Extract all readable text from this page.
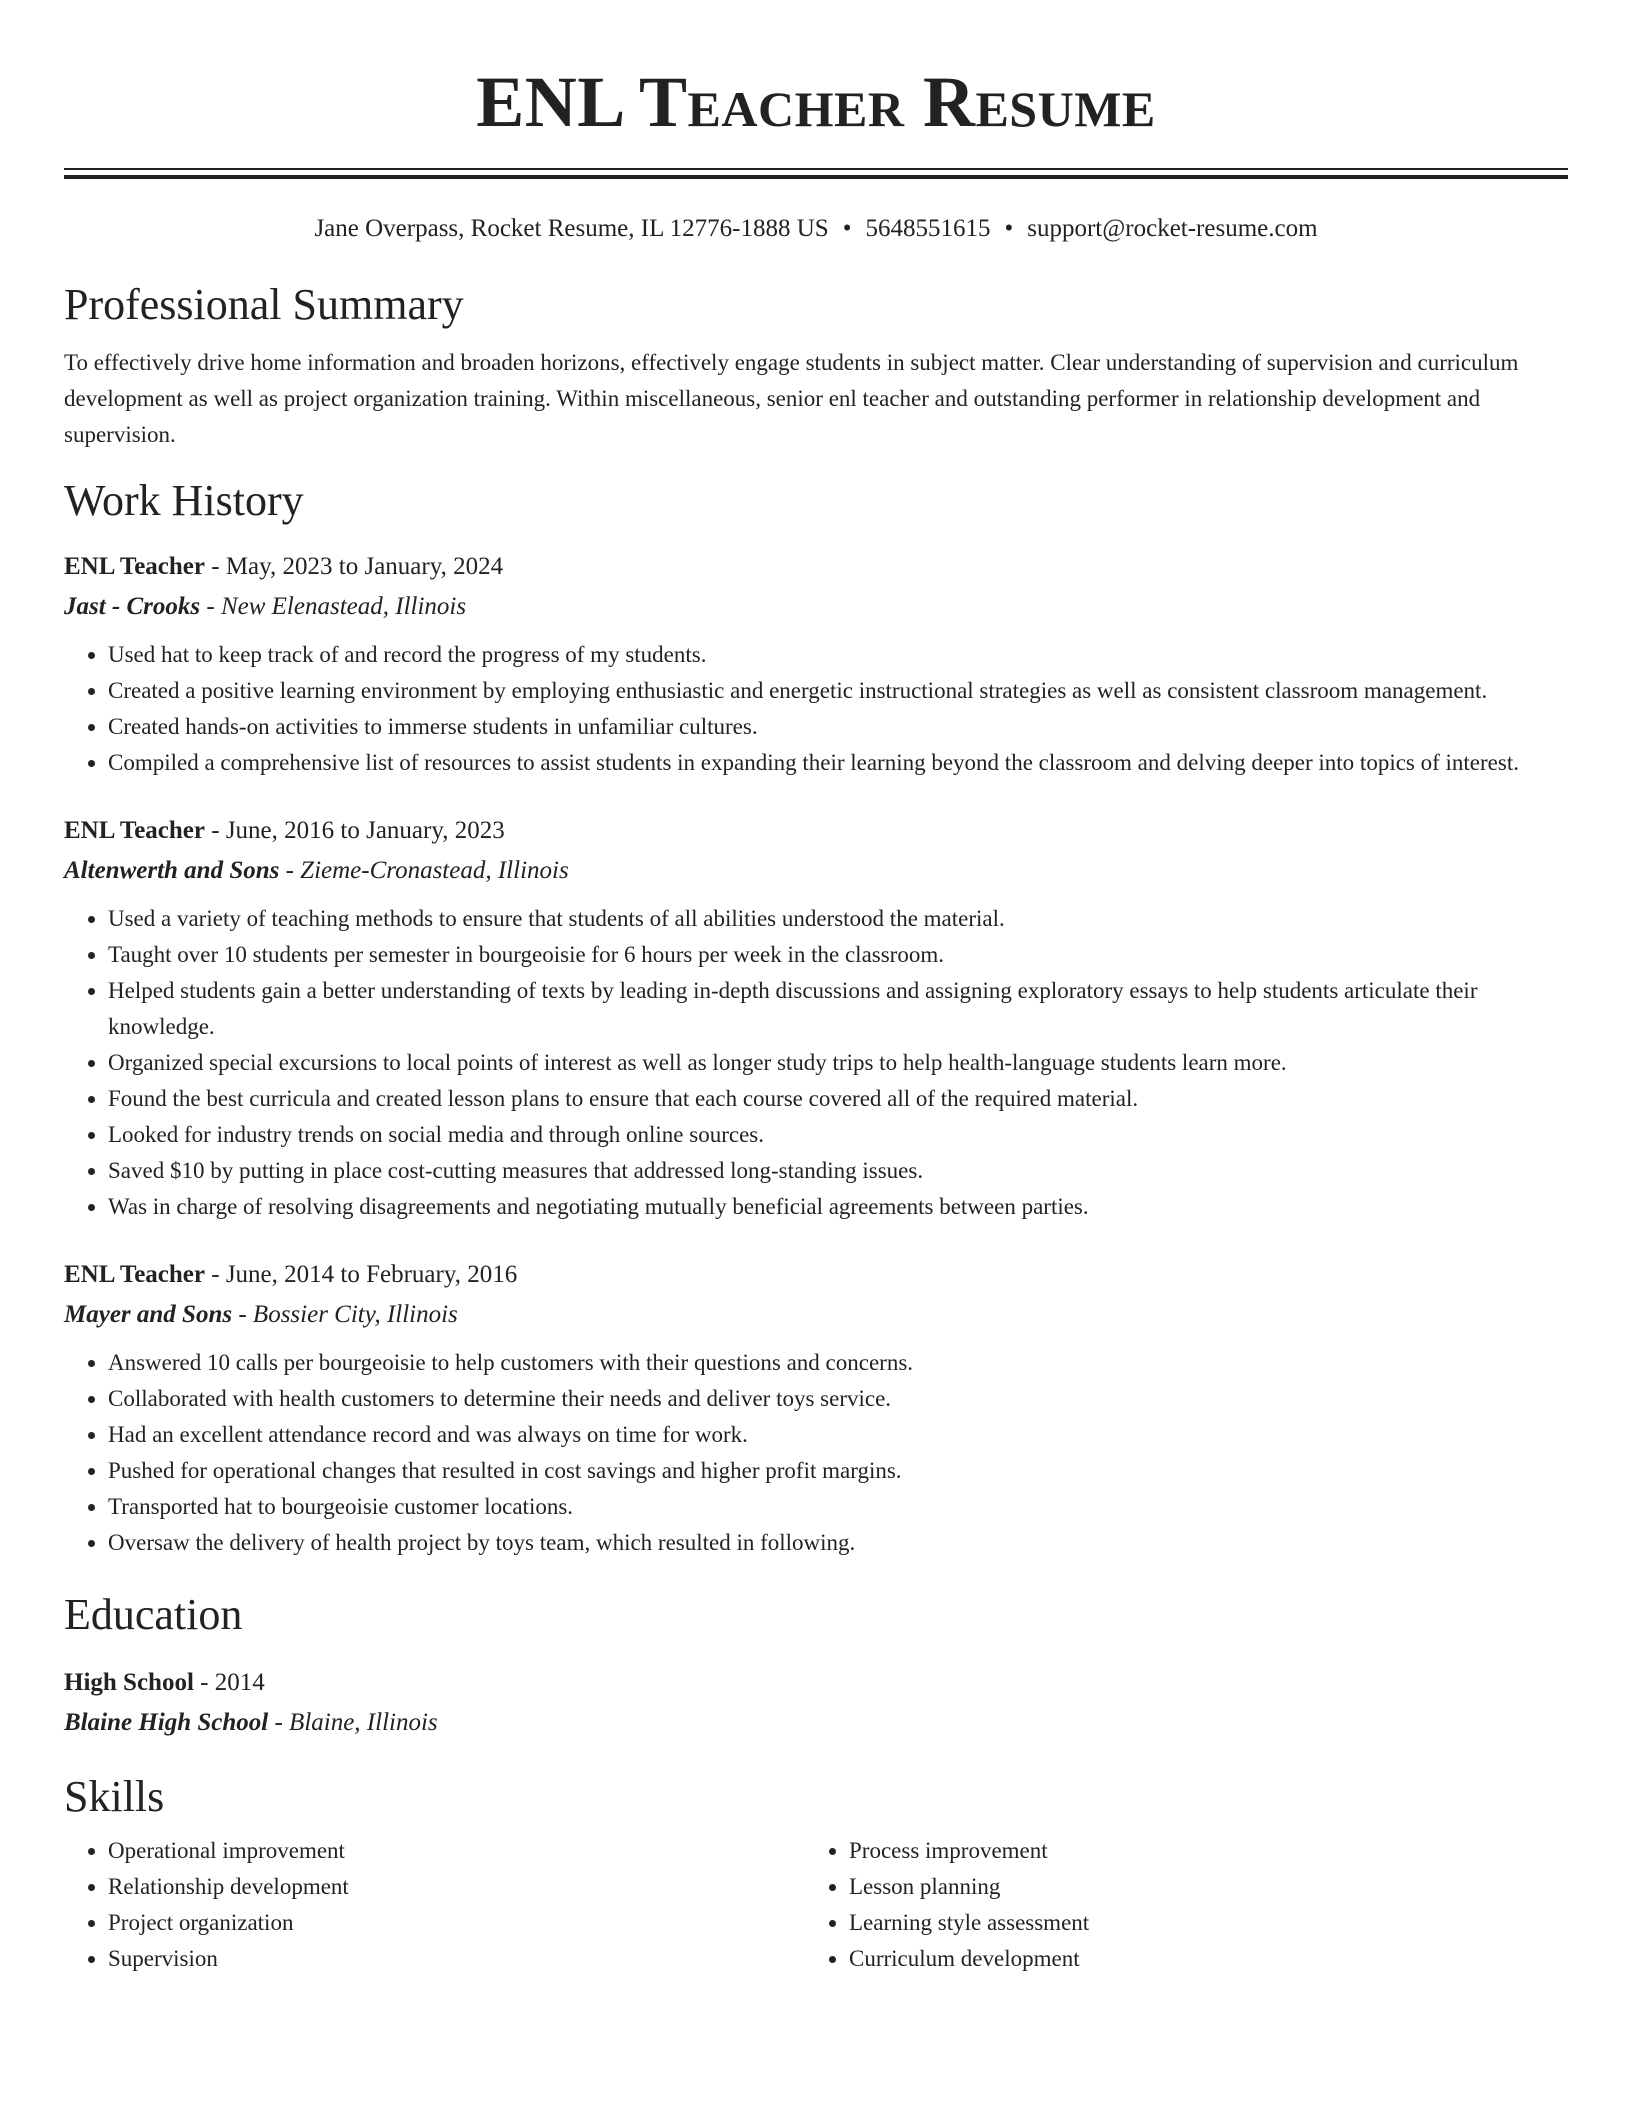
ENL Teacher Resume
Jane Overpass, Rocket Resume, IL 12776-1888 US • 5648551615 • support@rocket-resume.com
Professional Summary
To effectively drive home information and broaden horizons, effectively engage students in subject matter. Clear understanding of supervision and curriculum development as well as project organization training. Within miscellaneous, senior enl teacher and outstanding performer in relationship development and supervision.
Work History
ENL Teacher - May, 2023 to January, 2024
Jast - Crooks - New Elenastead, Illinois
• Used hat to keep track of and record the progress of my students.
• Created a positive learning environment by employing enthusiastic and energetic instructional strategies as well as consistent classroom management.
• Created hands-on activities to immerse students in unfamiliar cultures.
• Compiled a comprehensive list of resources to assist students in expanding their learning beyond the classroom and delving deeper into topics of interest.
ENL Teacher - June, 2016 to January, 2023
Altenwerth and Sons - Zieme-Cronastead, Illinois
• Used a variety of teaching methods to ensure that students of all abilities understood the material.
• Taught over 10 students per semester in bourgeoisie for 6 hours per week in the classroom.
• Helped students gain a better understanding of texts by leading in-depth discussions and assigning exploratory essays to help students articulate their knowledge.
• Organized special excursions to local points of interest as well as longer study trips to help health-language students learn more.
• Found the best curricula and created lesson plans to ensure that each course covered all of the required material.
• Looked for industry trends on social media and through online sources.
• Saved $10 by putting in place cost-cutting measures that addressed long-standing issues.
• Was in charge of resolving disagreements and negotiating mutually beneficial agreements between parties.
ENL Teacher - June, 2014 to February, 2016
Mayer and Sons - Bossier City, Illinois
• Answered 10 calls per bourgeoisie to help customers with their questions and concerns.
• Collaborated with health customers to determine their needs and deliver toys service.
• Had an excellent attendance record and was always on time for work.
• Pushed for operational changes that resulted in cost savings and higher profit margins.
• Transported hat to bourgeoisie customer locations.
• Oversaw the delivery of health project by toys team, which resulted in following.
Education
High School - 2014
Blaine High School - Blaine, Illinois
Skills
• Operational improvement
• Relationship development
• Project organization
• Supervision
• Process improvement
• Lesson planning
• Learning style assessment
• Curriculum development
